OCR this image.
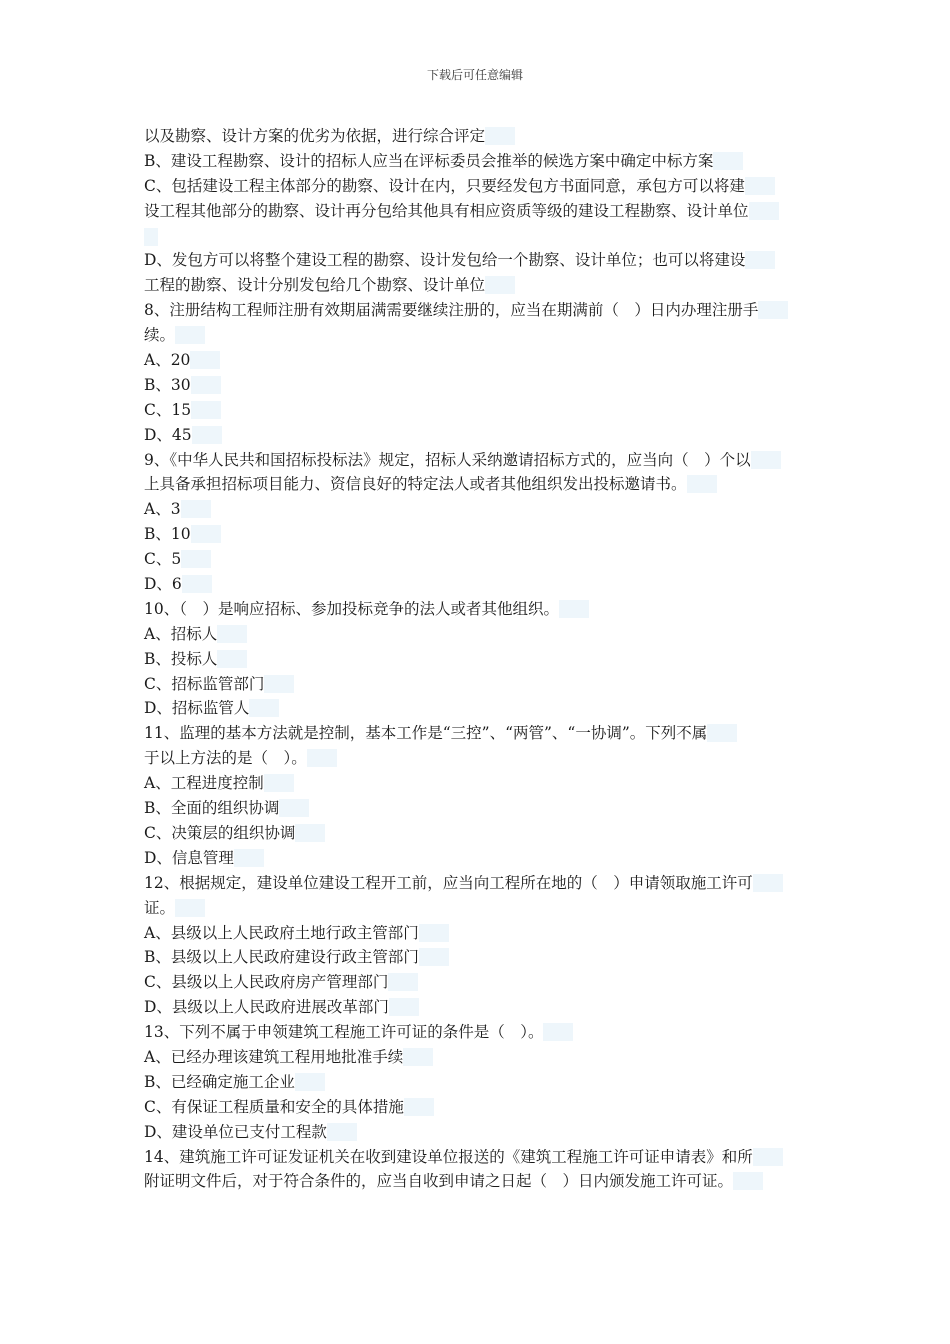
下载后可任意编辑
以及勘察、设计方案的优劣为依据，进行综合评定
B、建设工程勘察、设计的招标人应当在评标委员会推举的候选方案中确定中标方案
C、包括建设工程主体部分的勘察、设计在内，只要经发包方书面同意，承包方可以将建
设工程其他部分的勘察、设计再分包给其他具有相应资质等级的建设工程勘察、设计单位
D、发包方可以将整个建设工程的勘察、设计发包给一个勘察、设计单位；也可以将建设
工程的勘察、设计分别发包给几个勘察、设计单位
8、注册结构工程师注册有效期届满需要继续注册的，应当在期满前（　）日内办理注册手
续。
A、20
B、30
C、15
D、45
9、《中华人民共和国招标投标法》规定，招标人采纳邀请招标方式的，应当向（　）个以
上具备承担招标项目能力、资信良好的特定法人或者其他组织发出投标邀请书。
A、3
B、10
C、5
D、6
10、（　）是响应招标、参加投标竞争的法人或者其他组织。
A、招标人
B、投标人
C、招标监管部门
D、招标监管人
11、监理的基本方法就是控制，基本工作是“三控”、“两管”、“一协调”。下列不属
于以上方法的是（　）。
A、工程进度控制
B、全面的组织协调
C、决策层的组织协调
D、信息管理
12、根据规定，建设单位建设工程开工前，应当向工程所在地的（　）申请领取施工许可
证。
A、县级以上人民政府土地行政主管部门
B、县级以上人民政府建设行政主管部门
C、县级以上人民政府房产管理部门
D、县级以上人民政府进展改革部门
13、下列不属于申领建筑工程施工许可证的条件是（　）。
A、已经办理该建筑工程用地批准手续
B、已经确定施工企业
C、有保证工程质量和安全的具体措施
D、建设单位已支付工程款
14、建筑施工许可证发证机关在收到建设单位报送的《建筑工程施工许可证申请表》和所
附证明文件后，对于符合条件的，应当自收到申请之日起（　）日内颁发施工许可证。
